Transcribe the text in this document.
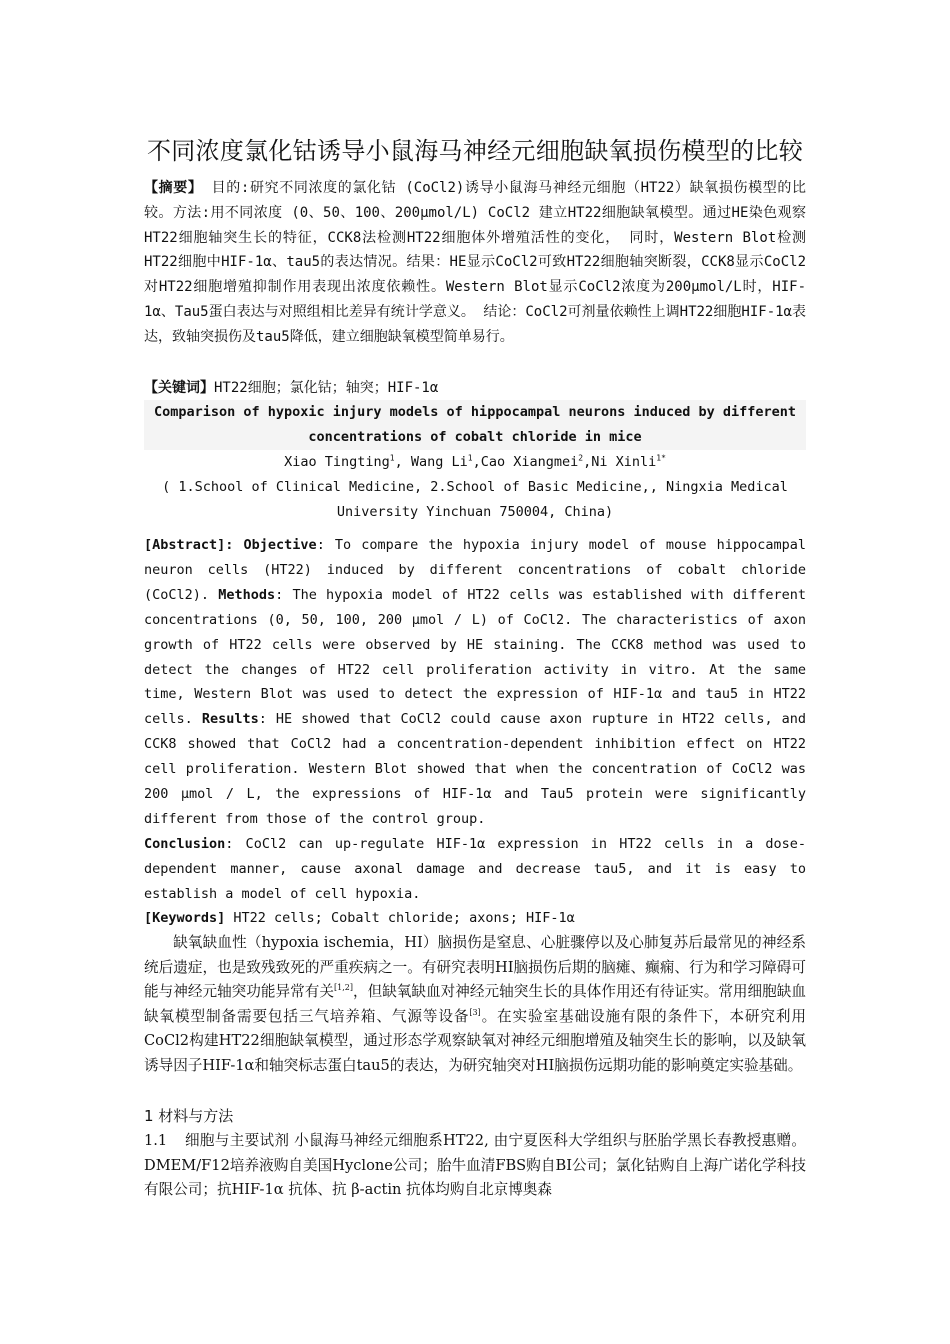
不同浓度氯化钴诱导小鼠海马神经元细胞缺氧损伤模型的比较
【摘要】 目的:研究不同浓度的氯化钴 (CoCl2)诱导小鼠海马神经元细胞（HT22）缺氧损伤模型的比较。方法:用不同浓度 (0、50、100、200μmol/L) CoCl2 建立HT22细胞缺氧模型。通过HE染色观察HT22细胞轴突生长的特征，CCK8法检测HT22细胞体外增殖活性的变化， 同时，Western Blot检测HT22细胞中HIF-1α、tau5的表达情况。结果：HE显示CoCl2可致HT22细胞轴突断裂，CCK8显示CoCl2对HT22细胞增殖抑制作用表现出浓度依赖性。Western Blot显示CoCl2浓度为200μmol/L时，HIF-1α、Tau5蛋白表达与对照组相比差异有统计学意义。 结论：CoCl2可剂量依赖性上调HT22细胞HIF-1α表达，致轴突损伤及tau5降低，建立细胞缺氧模型简单易行。
【关键词】HT22细胞；氯化钴；轴突；HIF-1α
Comparison of hypoxic injury models of hippocampal neurons induced by different
concentrations of cobalt chloride in mice
Xiao Tingting$^1$, Wang Li$^1$,Cao Xiangmei$^2$,Ni Xinli$^{1*}$
( 1.School of Clinical Medicine, 2.School of Basic Medicine,, Ningxia Medical
University Yinchuan 750004, China)
[Abstract]: Objective: To compare the hypoxia injury model of mouse hippocampal neuron cells (HT22) induced by different concentrations of cobalt chloride (CoCl2). Methods: The hypoxia model of HT22 cells was established with different concentrations (0, 50, 100, 200 μmol / L) of CoCl2. The characteristics of axon growth of HT22 cells were observed by HE staining. The CCK8 method was used to detect the changes of HT22 cell proliferation activity in vitro. At the same time, Western Blot was used to detect the expression of HIF-1α and tau5 in HT22 cells. Results: HE showed that CoCl2 could cause axon rupture in HT22 cells, and CCK8 showed that CoCl2 had a concentration-dependent inhibition effect on HT22 cell proliferation. Western Blot showed that when the concentration of CoCl2 was 200 μmol / L, the expressions of HIF-1α and Tau5 protein were significantly different from those of the control group.
Conclusion: CoCl2 can up-regulate HIF-1α expression in HT22 cells in a dose-dependent manner, cause axonal damage and decrease tau5, and it is easy to establish a model of cell hypoxia.
[Keywords] HT22 cells; Cobalt chloride; axons; HIF-1α

缺氧缺血性（hypoxia ischemia，HI）脑损伤是窒息、心脏骤停以及心肺复苏后最常见的神经系统后遗症，也是致残致死的严重疾病之一。有研究表明HI脑损伤后期的脑瘫、癫痫、行为和学习障碍可能与神经元轴突功能异常有关[1,2]，但缺氧缺血对神经元轴突生长的具体作用还有待证实。常用细胞缺血缺氧模型制备需要包括三气培养箱、气源等设备[3]。在实验室基础设施有限的条件下，本研究利用CoCl2构建HT22细胞缺氧模型，通过形态学观察缺氧对神经元细胞增殖及轴突生长的影响，以及缺氧诱导因子HIF-1α和轴突标志蛋白tau5的表达，为研究轴突对HI脑损伤远期功能的影响奠定实验基础。

1 材料与方法

1.1 细胞与主要试剂 小鼠海马神经元细胞系HT22, 由宁夏医科大学组织与胚胎学黑长春教授惠赠。DMEM/F12培养液购自美国Hyclone公司；胎牛血清FBS购自BI公司；氯化钴购自上海广诺化学科技有限公司；抗HIF-1α 抗体、抗 β-actin 抗体均购自北京博奥森
